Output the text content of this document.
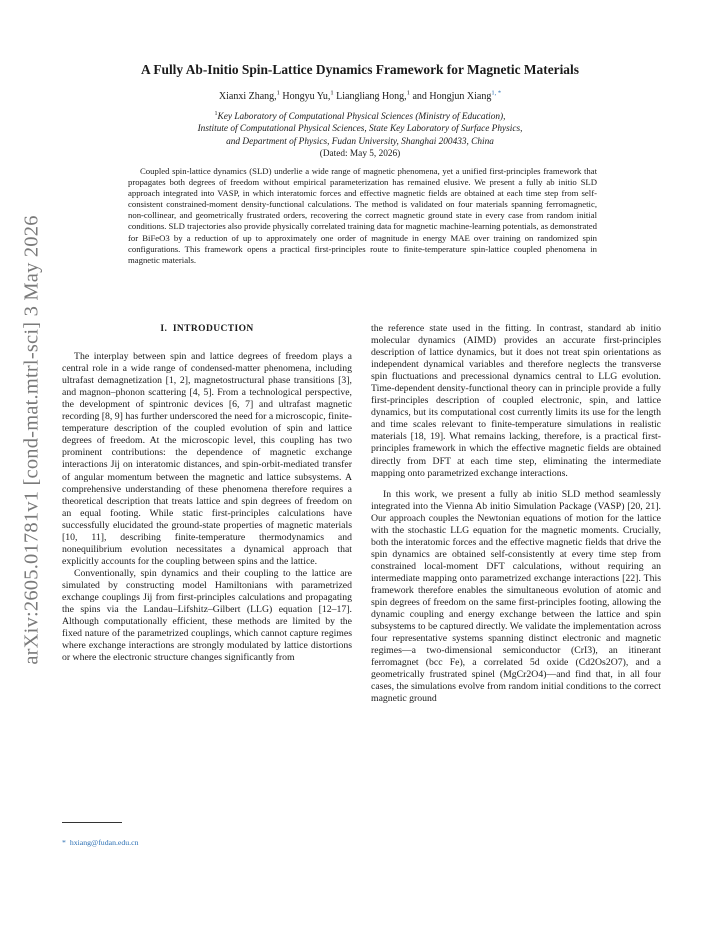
arXiv:2605.01781v1 [cond-mat.mtrl-sci] 3 May 2026
A Fully Ab-Initio Spin-Lattice Dynamics Framework for Magnetic Materials
Xianxi Zhang,$^1$ Hongyu Yu,$^1$ Liangliang Hong,$^1$ and Hongjun Xiang$^{1, *}$
$^1$Key Laboratory of Computational Physical Sciences (Ministry of Education),
Institute of Computational Physical Sciences, State Key Laboratory of Surface Physics,
and Department of Physics, Fudan University, Shanghai 200433, China
(Dated: May 5, 2026)
Coupled spin-lattice dynamics (SLD) underlie a wide range of magnetic phenomena, yet a unified first-principles framework that propagates both degrees of freedom without empirical parameterization has remained elusive. We present a fully ab initio SLD approach integrated into VASP, in which interatomic forces and effective magnetic fields are obtained at each time step from self-consistent constrained-moment density-functional calculations. The method is validated on four materials spanning ferromagnetic, non-collinear, and geometrically frustrated orders, recovering the correct magnetic ground state in every case from random initial conditions. SLD trajectories also provide physically correlated training data for magnetic machine-learning potentials, as demonstrated for BiFeO3 by a reduction of up to approximately one order of magnitude in energy MAE over training on randomized spin configurations. This framework opens a practical first-principles route to finite-temperature spin-lattice coupled phenomena in magnetic materials.
I. INTRODUCTION

The interplay between spin and lattice degrees of freedom plays a central role in a wide range of condensed-matter phenomena, including ultrafast demagnetization [1, 2], magnetostructural phase transitions [3], and magnon–phonon scattering [4, 5]. From a technological perspective, the development of spintronic devices [6, 7] and ultrafast magnetic recording [8, 9] has further underscored the need for a microscopic, finite-temperature description of the coupled evolution of spin and lattice degrees of freedom. At the microscopic level, this coupling has two prominent contributions: the dependence of magnetic exchange interactions Jij on interatomic distances, and spin-orbit-mediated transfer of angular momentum between the magnetic and lattice subsystems. A comprehensive understanding of these phenomena therefore requires a theoretical description that treats lattice and spin degrees of freedom on an equal footing. While static first-principles calculations have successfully elucidated the ground-state properties of magnetic materials [10, 11], describing finite-temperature thermodynamics and nonequilibrium evolution necessitates a dynamical approach that explicitly accounts for the coupling between spins and the lattice.

Conventionally, spin dynamics and their coupling to the lattice are simulated by constructing model Hamiltonians with parametrized exchange couplings Jij from first-principles calculations and propagating the spins via the Landau–Lifshitz–Gilbert (LLG) equation [12–17]. Although computationally efficient, these methods are limited by the fixed nature of the parametrized couplings, which cannot capture regimes where exchange interactions are strongly modulated by lattice distortions or where the electronic structure changes significantly from

the reference state used in the fitting. In contrast, standard ab initio molecular dynamics (AIMD) provides an accurate first-principles description of lattice dynamics, but it does not treat spin orientations as independent dynamical variables and therefore neglects the transverse spin fluctuations and precessional dynamics central to LLG evolution. Time-dependent density-functional theory can in principle provide a fully first-principles description of coupled electronic, spin, and lattice dynamics, but its computational cost currently limits its use for the length and time scales relevant to finite-temperature simulations in realistic materials [18, 19]. What remains lacking, therefore, is a practical first-principles framework in which the effective magnetic fields are obtained directly from DFT at each time step, eliminating the intermediate mapping onto parametrized exchange interactions.

In this work, we present a fully ab initio SLD method seamlessly integrated into the Vienna Ab initio Simulation Package (VASP) [20, 21]. Our approach couples the Newtonian equations of motion for the lattice with the stochastic LLG equation for the magnetic moments. Crucially, both the interatomic forces and the effective magnetic fields that drive the spin dynamics are obtained self-consistently at every time step from constrained local-moment DFT calculations, without requiring an intermediate mapping onto parametrized exchange interactions [22]. This framework therefore enables the simultaneous evolution of atomic and spin degrees of freedom on the same first-principles footing, allowing the dynamic coupling and energy exchange between the lattice and spin subsystems to be captured directly. We validate the implementation across four representative systems spanning distinct electronic and magnetic regimes—a two-dimensional semiconductor (CrI3), an itinerant ferromagnet (bcc Fe), a correlated 5d oxide (Cd2Os2O7), and a geometrically frustrated spinel (MgCr2O4)—and find that, in all four cases, the simulations evolve from random initial conditions to the correct magnetic ground

* hxiang@fudan.edu.cn
